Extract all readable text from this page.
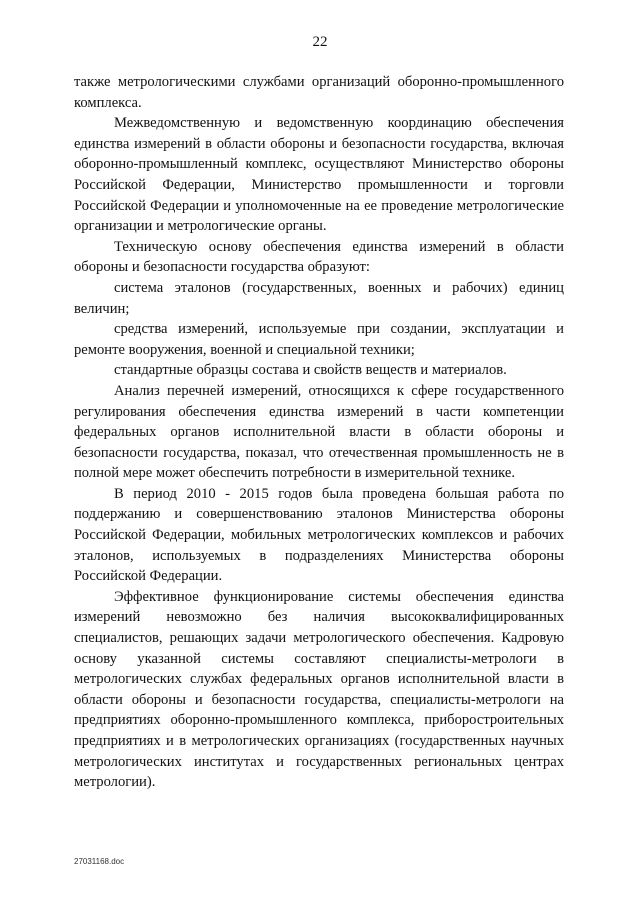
22

также метрологическими службами организаций оборонно-промышленного комплекса.

Межведомственную и ведомственную координацию обеспечения единства измерений в области обороны и безопасности государства, включая оборонно-промышленный комплекс, осуществляют Министерство обороны Российской Федерации, Министерство промышленности и торговли Российской Федерации и уполномоченные на ее проведение метрологические организации и метрологические органы.

Техническую основу обеспечения единства измерений в области обороны и безопасности государства образуют:

система эталонов (государственных, военных и рабочих) единиц величин;

средства измерений, используемые при создании, эксплуатации и ремонте вооружения, военной и специальной техники;

стандартные образцы состава и свойств веществ и материалов.

Анализ перечней измерений, относящихся к сфере государственного регулирования обеспечения единства измерений в части компетенции федеральных органов исполнительной власти в области обороны и безопасности государства, показал, что отечественная промышленность не в полной мере может обеспечить потребности в измерительной технике.

В период 2010 - 2015 годов была проведена большая работа по поддержанию и совершенствованию эталонов Министерства обороны Российской Федерации, мобильных метрологических комплексов и рабочих эталонов, используемых в подразделениях Министерства обороны Российской Федерации.

Эффективное функционирование системы обеспечения единства измерений невозможно без наличия высококвалифицированных специалистов, решающих задачи метрологического обеспечения. Кадровую основу указанной системы составляют специалисты-метрологи в метрологических службах федеральных органов исполнительной власти в области обороны и безопасности государства, специалисты-метрологи на предприятиях оборонно-промышленного комплекса, приборостроительных предприятиях и в метрологических организациях (государственных научных метрологических институтах и государственных региональных центрах метрологии).

27031168.doc
